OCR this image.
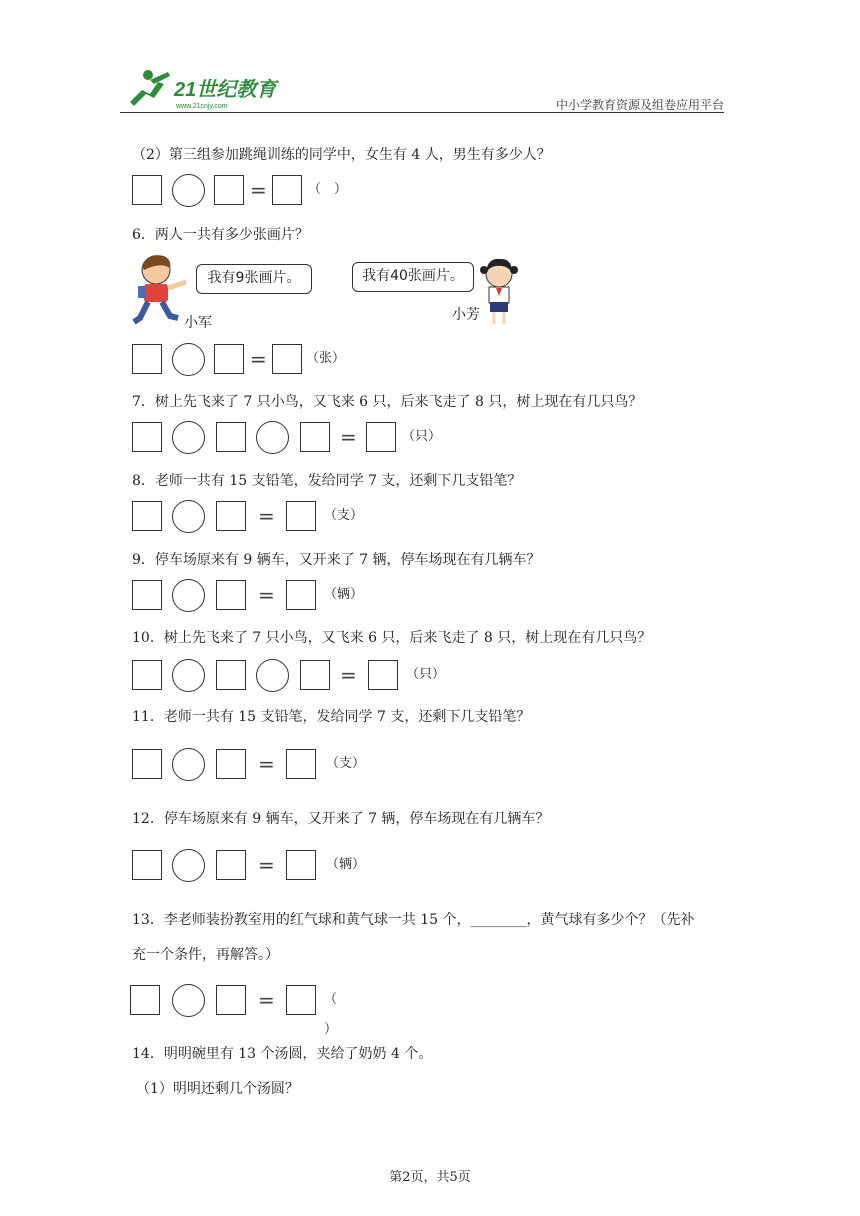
21世纪教育
www.21cnjy.com	中小学教育资源及组卷应用平台
（2）第三组参加跳绳训练的同学中，女生有 4 人，男生有多少人？
=	（　）
6．两人一共有多少张画片？
我有9张画片。
小军
我有40张画片。
小芳
=	（张）
7．树上先飞来了 7 只小鸟，又飞来 6 只，后来飞走了 8 只，树上现在有几只鸟？
=	（只）
8．老师一共有 15 支铅笔，发给同学 7 支，还剩下几支铅笔？
=	（支）
9．停车场原来有 9 辆车，又开来了 7 辆，停车场现在有几辆车？
=	（辆）
10．树上先飞来了 7 只小鸟，又飞来 6 只，后来飞走了 8 只，树上现在有几只鸟？
=	（只）
11．老师一共有 15 支铅笔，发给同学 7 支，还剩下几支铅笔？
=	（支）
12．停车场原来有 9 辆车，又开来了 7 辆，停车场现在有几辆车？
=	（辆）
13．李老师装扮教室用的红气球和黄气球一共 15 个，________，黄气球有多少个？（先补
充一个条件，再解答。）
=	（ ）
14．明明碗里有 13 个汤圆，夹给了奶奶 4 个。
（1）明明还剩几个汤圆？
第2页，共5页
